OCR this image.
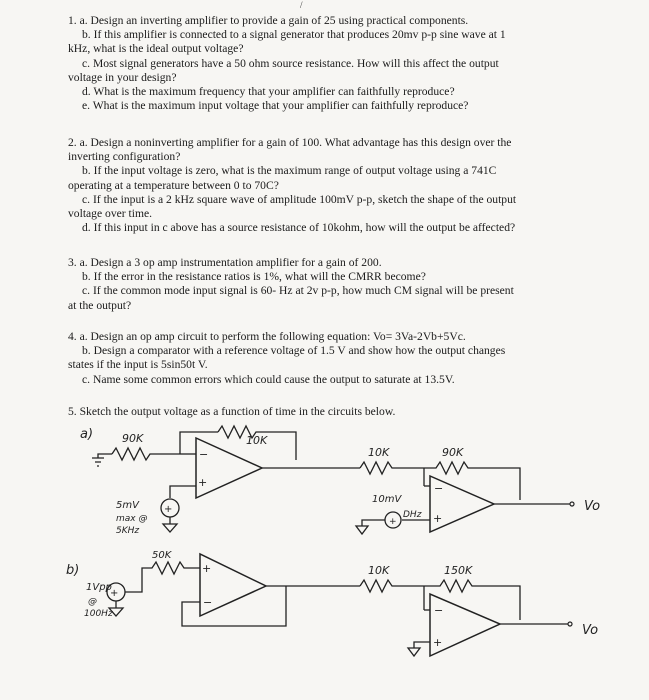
/

1. a. Design an inverting amplifier to provide a gain of 25 using practical components.

b. If this amplifier is connected to a signal generator that produces 20mv p-p sine wave at 1

kHz, what is the ideal output voltage?

c. Most signal generators have a 50 ohm source resistance. How will this affect the output

voltage in your design?

d. What is the maximum frequency that your amplifier can faithfully reproduce?

e. What is the maximum input voltage that your amplifier can faithfully reproduce?

2. a. Design a noninverting amplifier for a gain of 100. What advantage has this design over the

inverting configuration?

b. If the input voltage is zero, what is the maximum range of output voltage using a 741C

operating at a temperature between 0 to 70C?

c. If the input is a 2 kHz square wave of amplitude 100mV p-p, sketch the shape of the output

voltage over time.

d. If this input in c above has a source resistance of 10kohm, how will the output be affected?

3. a. Design a 3 op amp instrumentation amplifier for a gain of 200.

b. If the error in the resistance ratios is 1%, what will the CMRR become?

c. If the common mode input signal is 60- Hz at 2v p-p, how much CM signal will be present

at the output?

4. a. Design an op amp circuit to perform the following equation: Vo= 3Va-2Vb+5Vc.

b. Design a comparator with a reference voltage of 1.5 V and show how the output changes

states if the input is 5sin50t V.

c. Name some common errors which could cause the output to saturate at 13.5V.

5. Sketch the output voltage as a function of time in the circuits below.

a)	90K	10K
−
+
10K	90K
−
+
Vo
+
5mV
max @
5KHz
+
10mV
DHz
b)
+
1Vpp
@
100Hz
50K
+
−
10K	150K
−
+
Vo
